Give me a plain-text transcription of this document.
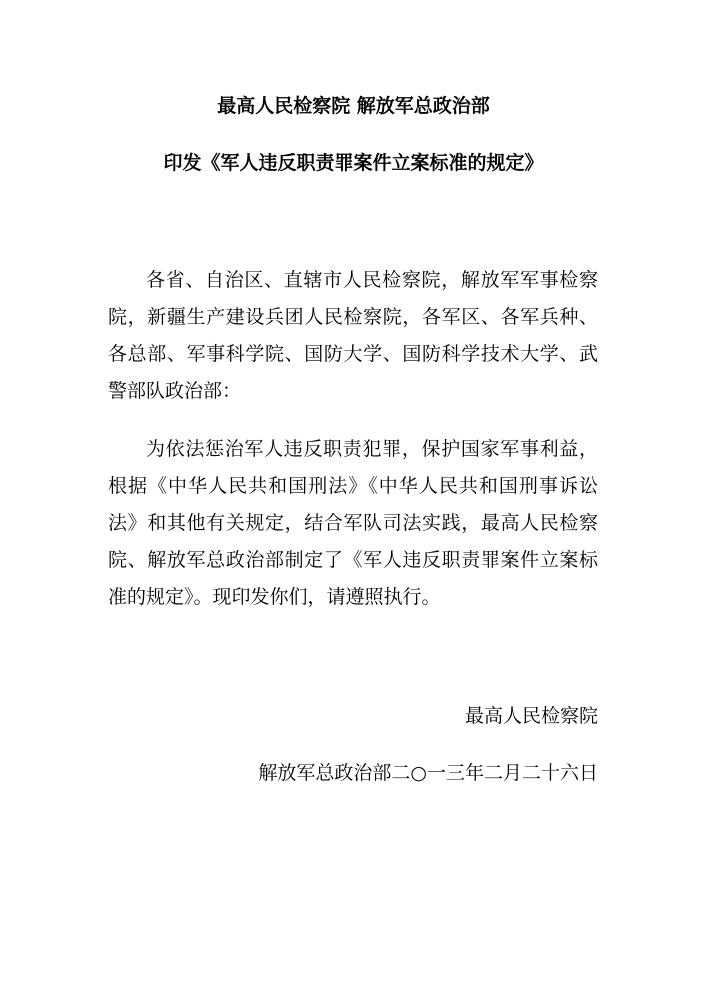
最高人民检察院 解放军总政治部
印发《军人违反职责罪案件立案标准的规定》

各省、自治区、直辖市人民检察院，解放军军事检察院，新疆生产建设兵团人民检察院，各军区、各军兵种、各总部、军事科学院、国防大学、国防科学技术大学、武警部队政治部：

为依法惩治军人违反职责犯罪，保护国家军事利益，根据《中华人民共和国刑法》《中华人民共和国刑事诉讼法》和其他有关规定，结合军队司法实践，最高人民检察院、解放军总政治部制定了《军人违反职责罪案件立案标准的规定》。现印发你们，请遵照执行。

最高人民检察院
解放军总政治部二○一三年二月二十六日
